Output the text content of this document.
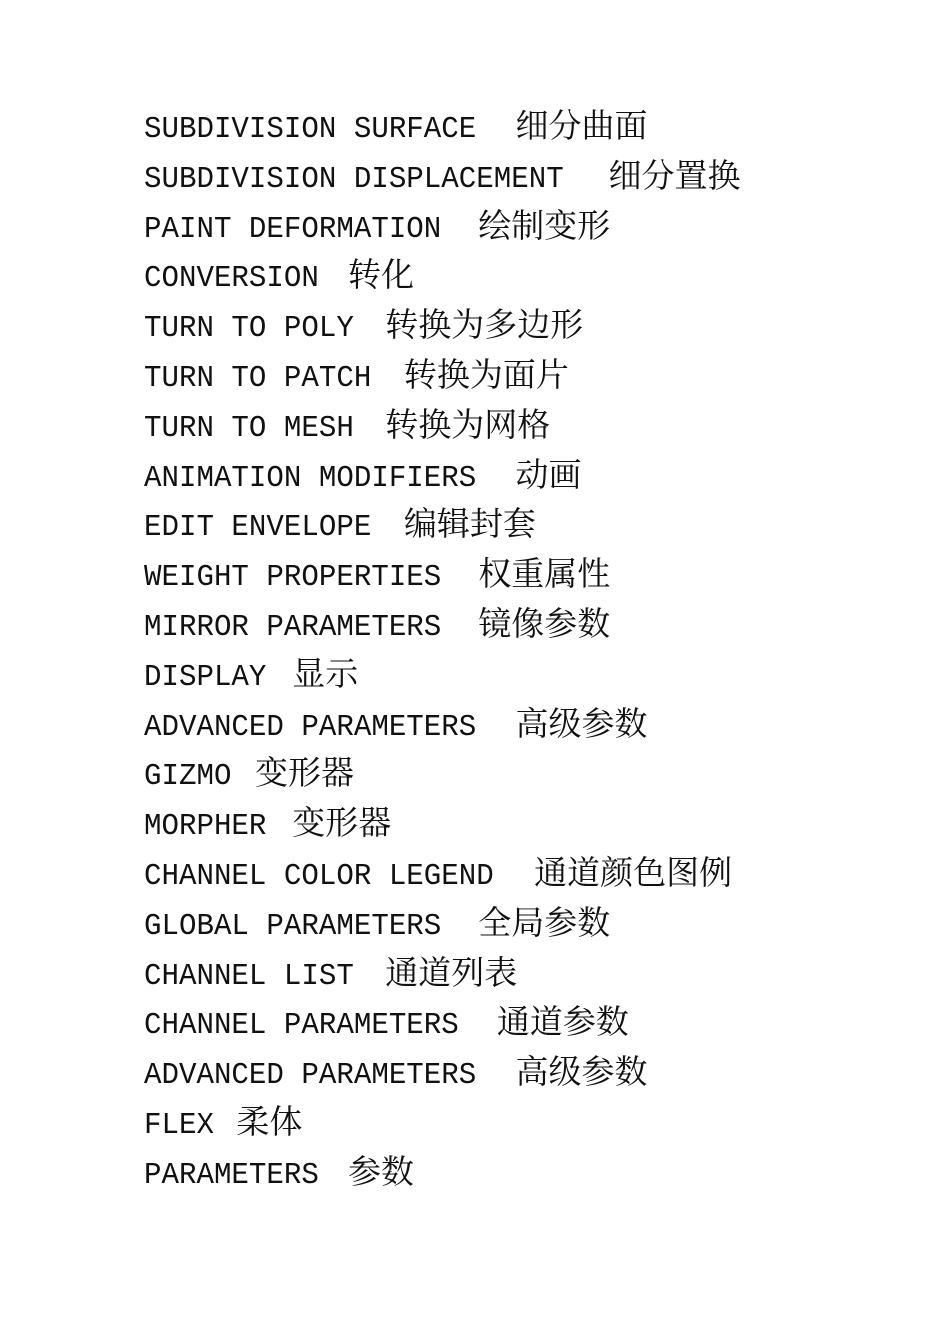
SUBDIVISION SURFACE 细分曲面
SUBDIVISION DISPLACEMENT 细分置换
PAINT DEFORMATION 绘制变形
CONVERSION 转化
TURN TO POLY 转换为多边形
TURN TO PATCH 转换为面片
TURN TO MESH 转换为网格
ANIMATION MODIFIERS 动画
EDIT ENVELOPE 编辑封套
WEIGHT PROPERTIES 权重属性
MIRROR PARAMETERS 镜像参数
DISPLAY 显示
ADVANCED PARAMETERS 高级参数
GIZMO 变形器
MORPHER 变形器
CHANNEL COLOR LEGEND 通道颜色图例
GLOBAL PARAMETERS 全局参数
CHANNEL LIST 通道列表
CHANNEL PARAMETERS 通道参数
ADVANCED PARAMETERS 高级参数
FLEX 柔体
PARAMETERS 参数
